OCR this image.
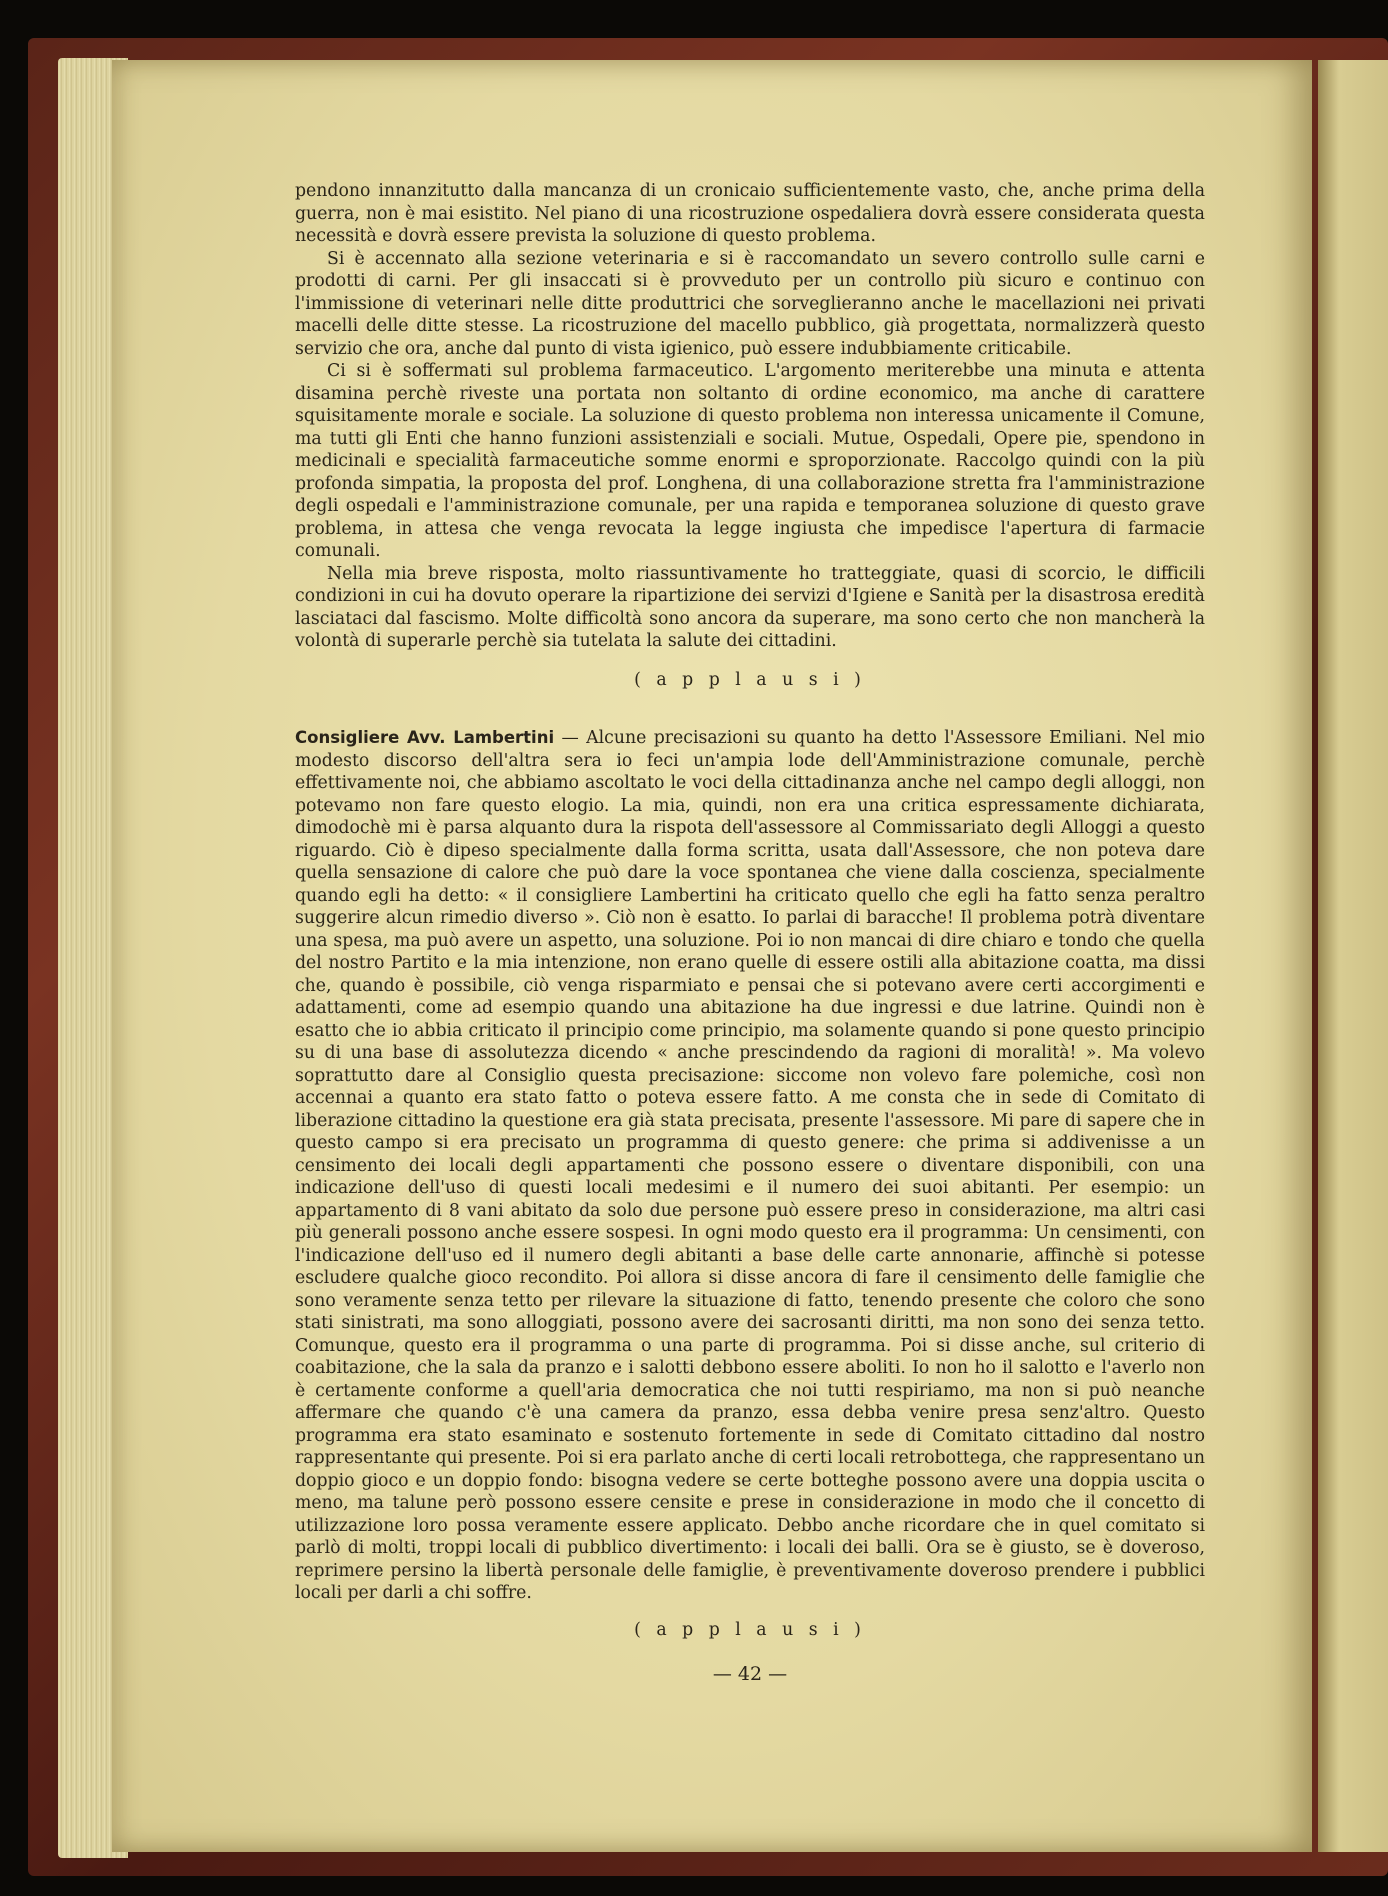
pendono innanzitutto dalla mancanza di un cronicaio sufficientemente vasto, che, anche prima della guerra, non è mai esistito. Nel piano di una ricostruzione ospedaliera dovrà essere considerata questa necessità e dovrà essere prevista la soluzione di questo problema.

Si è accennato alla sezione veterinaria e si è raccomandato un severo controllo sulle carni e prodotti di carni. Per gli insaccati si è provveduto per un controllo più sicuro e continuo con l'immissione di veterinari nelle ditte produttrici che sorveglieranno anche le macellazioni nei privati macelli delle ditte stesse. La ricostruzione del macello pubblico, già progettata, normalizzerà questo servizio che ora, anche dal punto di vista igienico, può essere indubbiamente criticabile.

Ci si è soffermati sul problema farmaceutico. L'argomento meriterebbe una minuta e attenta disamina perchè riveste una portata non soltanto di ordine economico, ma anche di carattere squisitamente morale e sociale. La soluzione di questo problema non interessa unicamente il Comune, ma tutti gli Enti che hanno funzioni assistenziali e sociali. Mutue, Ospedali, Opere pie, spendono in medicinali e specialità farmaceutiche somme enormi e sproporzionate. Raccolgo quindi con la più profonda simpatia, la proposta del prof. Longhena, di una collaborazione stretta fra l'amministrazione degli ospedali e l'amministrazione comunale, per una rapida e temporanea soluzione di questo grave problema, in attesa che venga revocata la legge ingiusta che impedisce l'apertura di farmacie comunali.

Nella mia breve risposta, molto riassuntivamente ho tratteggiate, quasi di scorcio, le difficili condizioni in cui ha dovuto operare la ripartizione dei servizi d'Igiene e Sanità per la disastrosa eredità lasciataci dal fascismo. Molte difficoltà sono ancora da superare, ma sono certo che non mancherà la volontà di superarle perchè sia tutelata la salute dei cittadini.

( a p p l a u s i )

Consigliere Avv. Lambertini — Alcune precisazioni su quanto ha detto l'Assessore Emiliani. Nel mio modesto discorso dell'altra sera io feci un'ampia lode dell'Amministrazione comunale, perchè effettivamente noi, che abbiamo ascoltato le voci della cittadinanza anche nel campo degli alloggi, non potevamo non fare questo elogio. La mia, quindi, non era una critica espressamente dichiarata, dimodochè mi è parsa alquanto dura la rispota dell'assessore al Commissariato degli Alloggi a questo riguardo. Ciò è dipeso specialmente dalla forma scritta, usata dall'Assessore, che non poteva dare quella sensazione di calore che può dare la voce spontanea che viene dalla coscienza, specialmente quando egli ha detto: « il consigliere Lambertini ha criticato quello che egli ha fatto senza peraltro suggerire alcun rimedio diverso ». Ciò non è esatto. Io parlai di baracche! Il problema potrà diventare una spesa, ma può avere un aspetto, una soluzione. Poi io non mancai di dire chiaro e tondo che quella del nostro Partito e la mia intenzione, non erano quelle di essere ostili alla abitazione coatta, ma dissi che, quando è possibile, ciò venga risparmiato e pensai che si potevano avere certi accorgimenti e adattamenti, come ad esempio quando una abitazione ha due ingressi e due latrine. Quindi non è esatto che io abbia criticato il principio come principio, ma solamente quando si pone questo principio su di una base di assolutezza dicendo « anche prescindendo da ragioni di moralità! ». Ma volevo soprattutto dare al Consiglio questa precisazione: siccome non volevo fare polemiche, così non accennai a quanto era stato fatto o poteva essere fatto. A me consta che in sede di Comitato di liberazione cittadino la questione era già stata precisata, presente l'assessore. Mi pare di sapere che in questo campo si era precisato un programma di questo genere: che prima si addivenisse a un censimento dei locali degli appartamenti che possono essere o diventare disponibili, con una indicazione dell'uso di questi locali medesimi e il numero dei suoi abitanti. Per esempio: un appartamento di 8 vani abitato da solo due persone può essere preso in considerazione, ma altri casi più generali possono anche essere sospesi. In ogni modo questo era il programma: Un censimenti, con l'indicazione dell'uso ed il numero degli abitanti a base delle carte annonarie, affinchè si potesse escludere qualche gioco recondito. Poi allora si disse ancora di fare il censimento delle famiglie che sono veramente senza tetto per rilevare la situazione di fatto, tenendo presente che coloro che sono stati sinistrati, ma sono alloggiati, possono avere dei sacrosanti diritti, ma non sono dei senza tetto. Comunque, questo era il programma o una parte di programma. Poi si disse anche, sul criterio di coabitazione, che la sala da pranzo e i salotti debbono essere aboliti. Io non ho il salotto e l'averlo non è certamente conforme a quell'aria democratica che noi tutti respiriamo, ma non si può neanche affermare che quando c'è una camera da pranzo, essa debba venire presa senz'altro. Questo programma era stato esaminato e sostenuto fortemente in sede di Comitato cittadino dal nostro rappresentante qui presente. Poi si era parlato anche di certi locali retrobottega, che rappresentano un doppio gioco e un doppio fondo: bisogna vedere se certe botteghe possono avere una doppia uscita o meno, ma talune però possono essere censite e prese in considerazione in modo che il concetto di utilizzazione loro possa veramente essere applicato. Debbo anche ricordare che in quel comitato si parlò di molti, troppi locali di pubblico divertimento: i locali dei balli. Ora se è giusto, se è doveroso, reprimere persino la libertà personale delle famiglie, è preventivamente doveroso prendere i pubblici locali per darli a chi soffre.

( a p p l a u s i )
— 42 —
